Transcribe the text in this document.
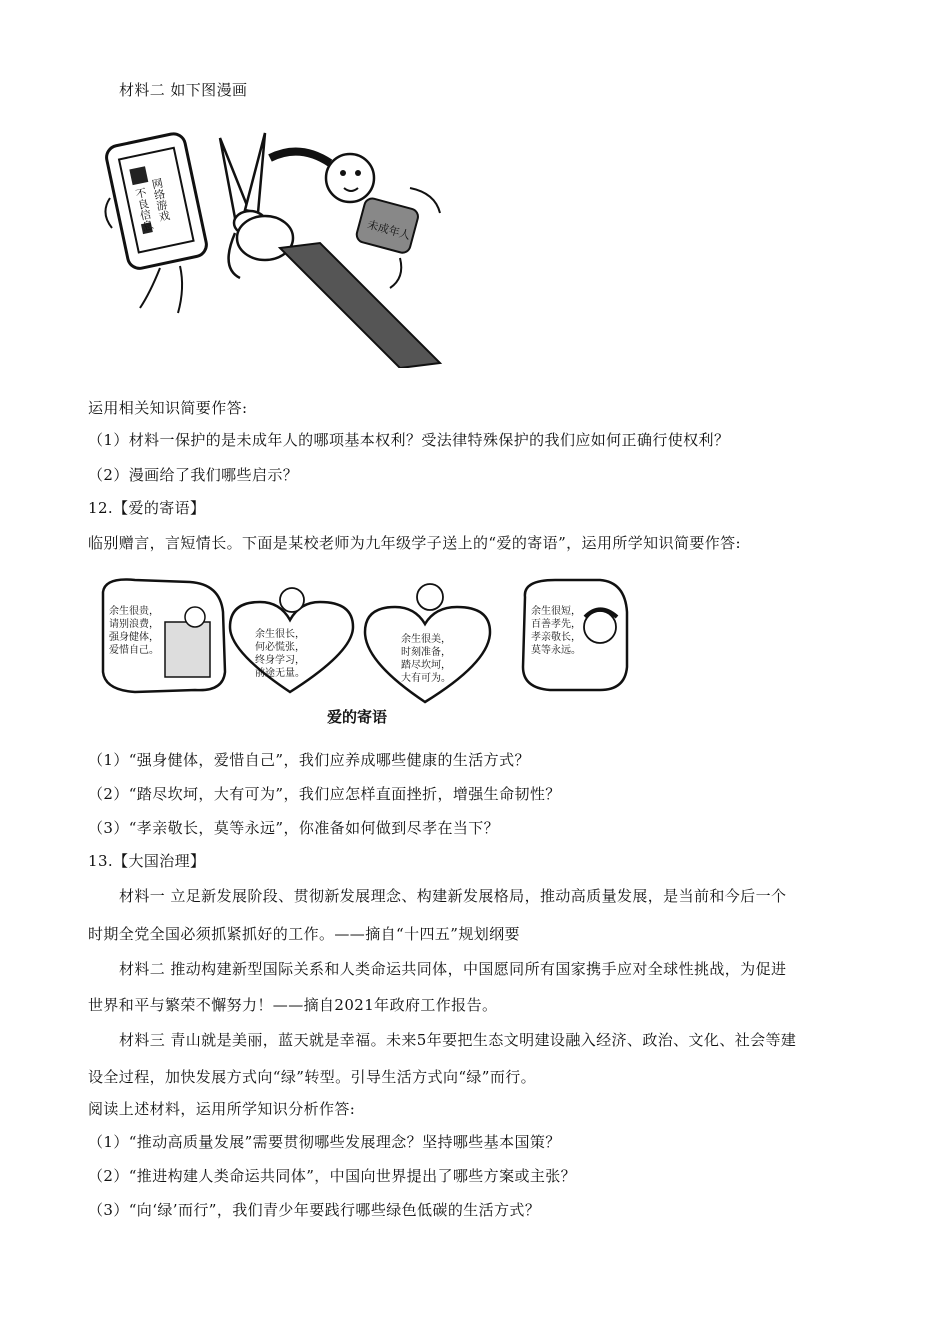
材料二 如下图漫画
网络游戏
不良信息	未成年人
运用相关知识简要作答:
（1）材料一保护的是未成年人的哪项基本权利？受法律特殊保护的我们应如何正确行使权利？
（2）漫画给了我们哪些启示？
12.【爱的寄语】
临别赠言，言短情长。下面是某校老师为九年级学子送上的“爱的寄语”，运用所学知识简要作答:
余生很贵，
请别浪费，
强身健体，
爱惜自己。
余生很长，
何必慌张，
终身学习，
前途无量。
余生很美，
时刻准备，
踏尽坎坷，
大有可为。
余生很短，
百善孝先，
孝亲敬长，
莫等永远。
爱的寄语
（1）“强身健体，爱惜自己”，我们应养成哪些健康的生活方式？
（2）“踏尽坎坷，大有可为”，我们应怎样直面挫折，增强生命韧性？
（3）“孝亲敬长，莫等永远”，你准备如何做到尽孝在当下？
13.【大国治理】
材料一 立足新发展阶段、贯彻新发展理念、构建新发展格局，推动高质量发展，是当前和今后一个
时期全党全国必须抓紧抓好的工作。——摘自“十四五”规划纲要
材料二 推动构建新型国际关系和人类命运共同体，中国愿同所有国家携手应对全球性挑战，为促进
世界和平与繁荣不懈努力！——摘自2021年政府工作报告。
材料三 青山就是美丽，蓝天就是幸福。未来5年要把生态文明建设融入经济、政治、文化、社会等建
设全过程，加快发展方式向“绿”转型。引导生活方式向“绿”而行。
阅读上述材料，运用所学知识分析作答:
（1）“推动高质量发展”需要贯彻哪些发展理念？坚持哪些基本国策？
（2）“推进构建人类命运共同体”，中国向世界提出了哪些方案或主张？
（3）“向‘绿’而行”，我们青少年要践行哪些绿色低碳的生活方式？
